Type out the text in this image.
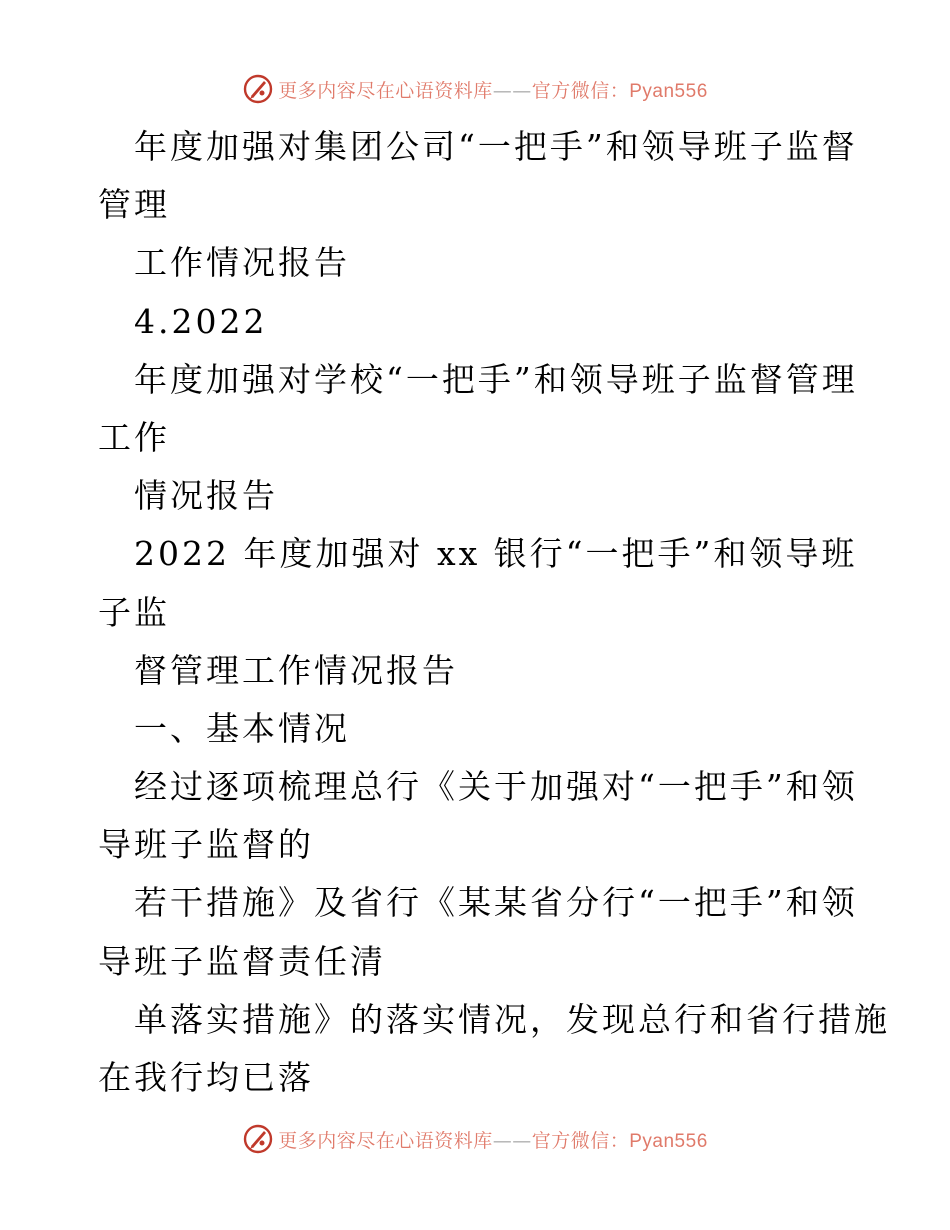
更多内容尽在心语资料库——官方微信：Pyan556
年度加强对集团公司“一把手”和领导班子监督
管理
工作情况报告
4.2022
年度加强对学校“一把手”和领导班子监督管理
工作
情况报告
2022 年度加强对 xx 银行“一把手”和领导班
子监
督管理工作情况报告
一、基本情况
经过逐项梳理总行《关于加强对“一把手”和领
导班子监督的
若干措施》及省行《某某省分行“一把手”和领
导班子监督责任清
单落实措施》的落实情况，发现总行和省行措施
在我行均已落
更多内容尽在心语资料库——官方微信：Pyan556
